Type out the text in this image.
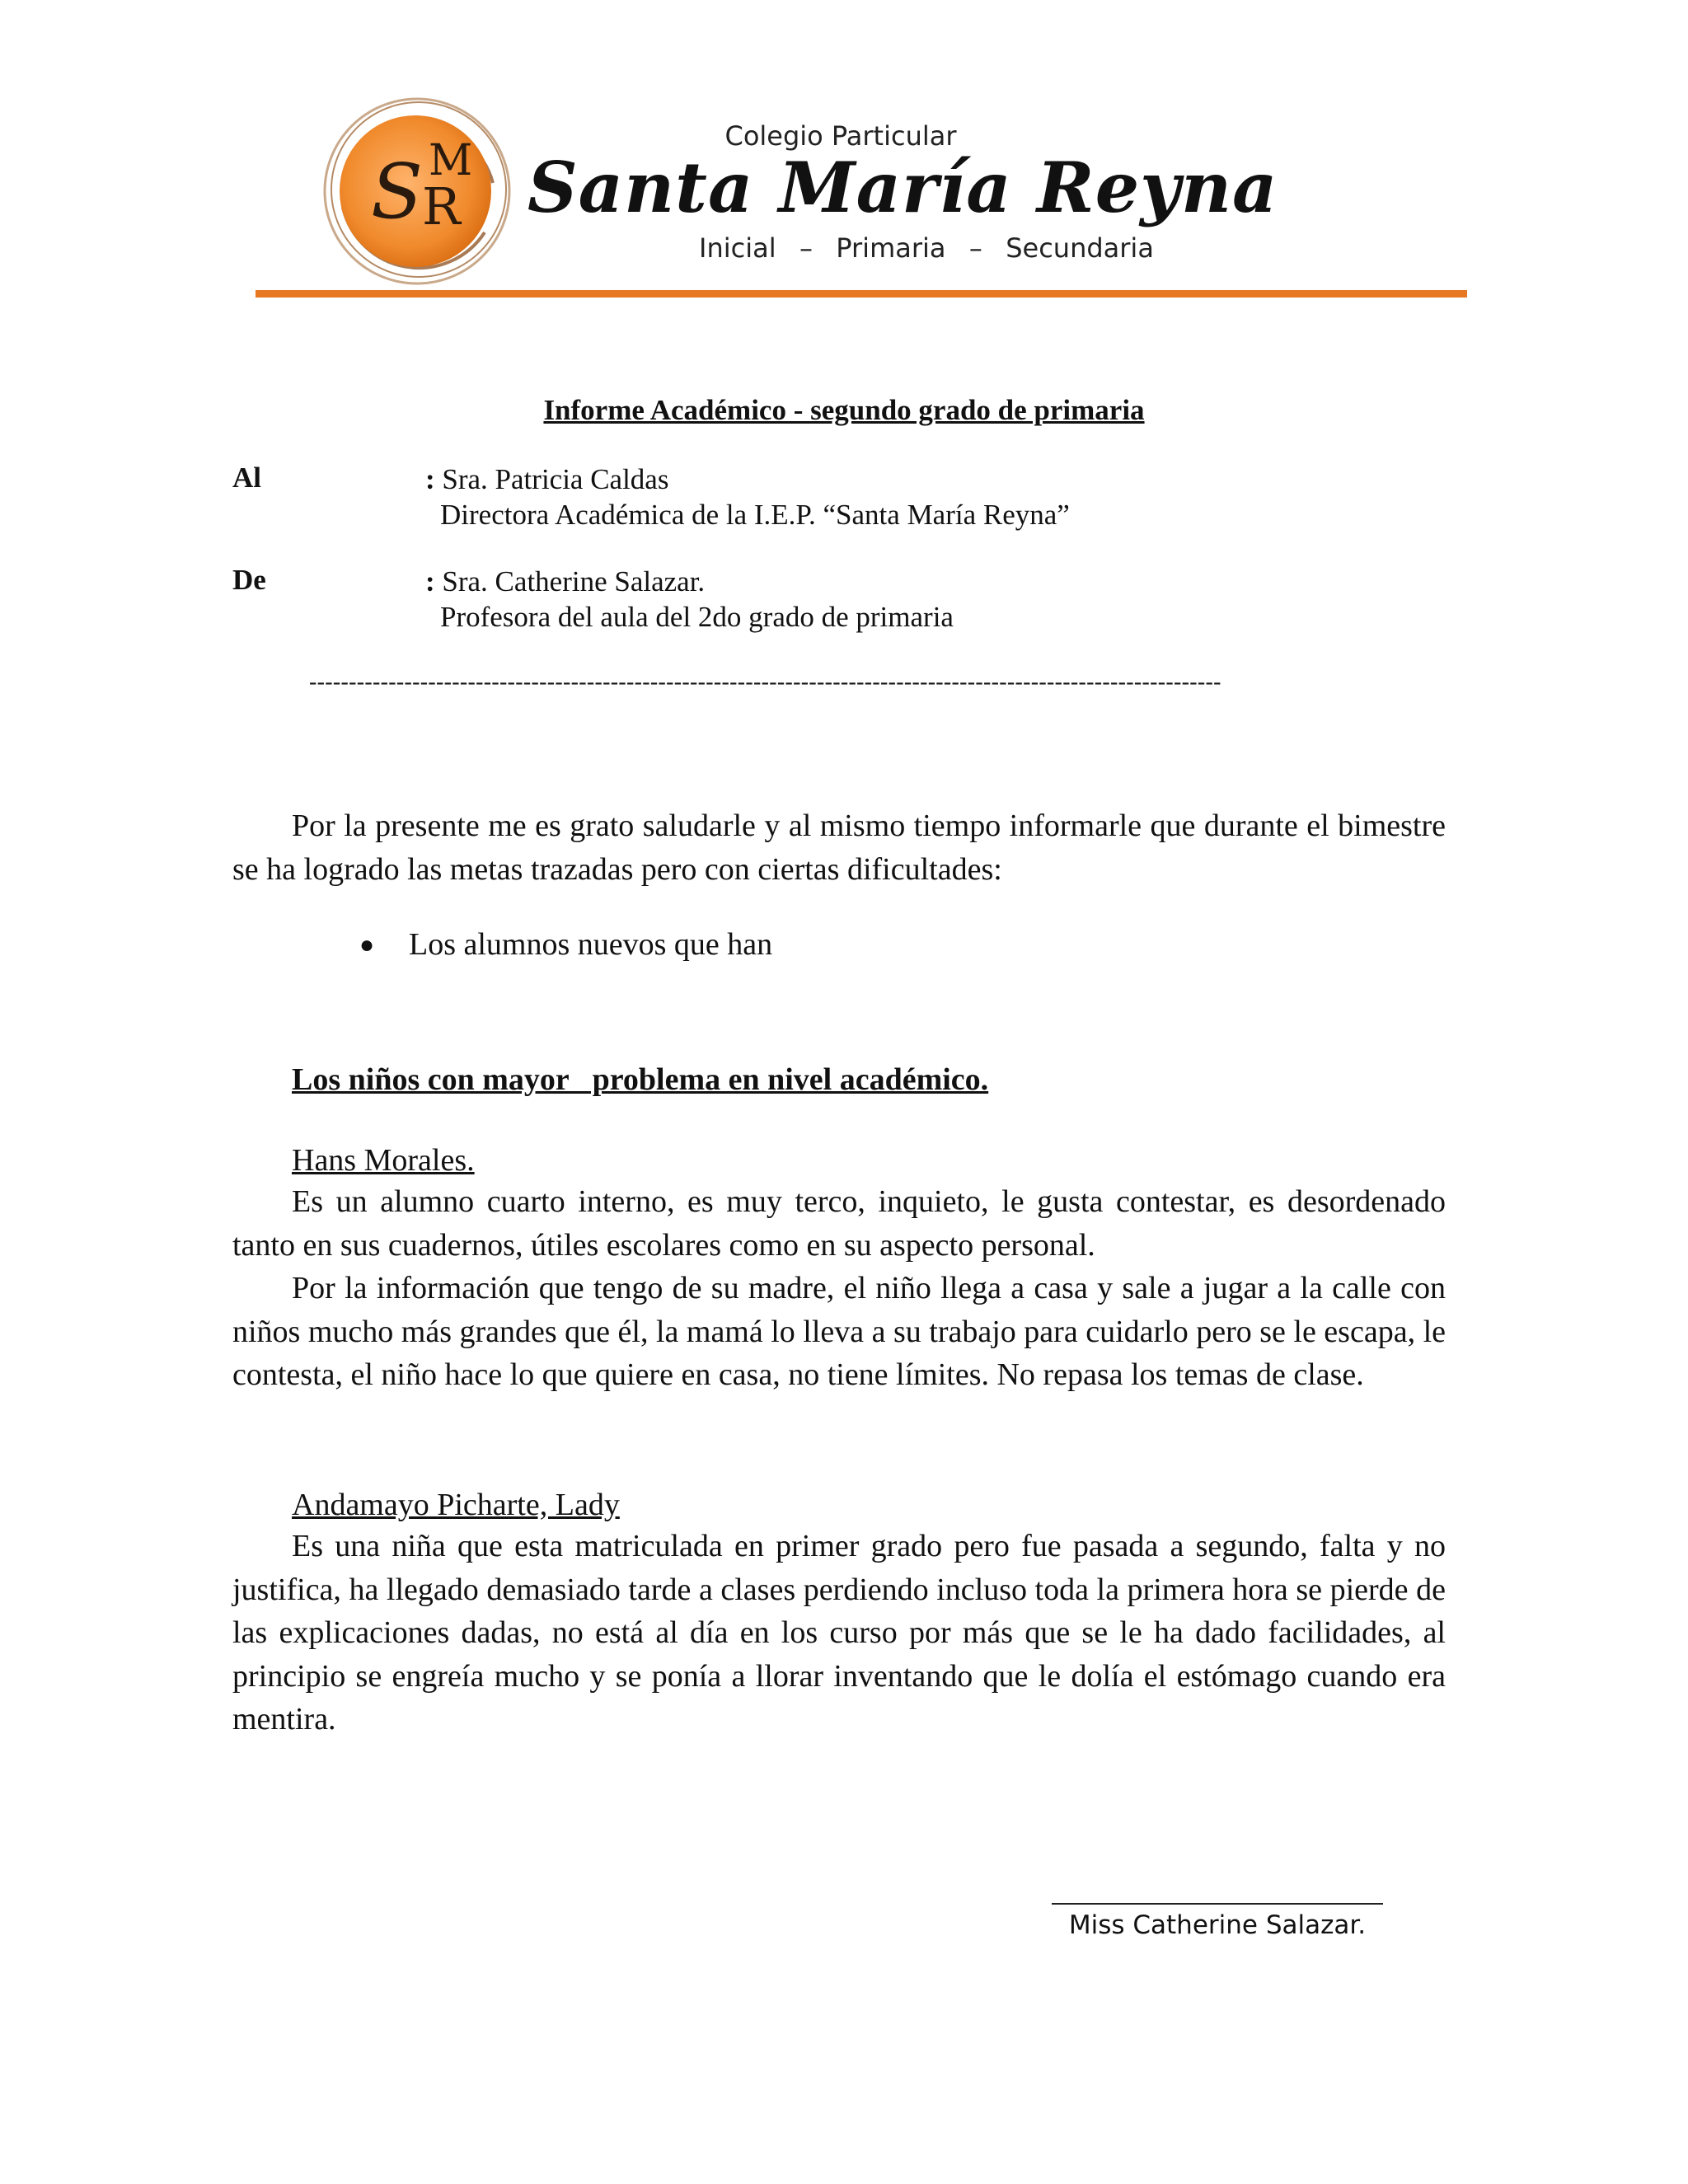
S M
R
Colegio Particular
Santa María Reyna
Inicial  –  Primaria  –  Secundaria
Informe Académico - segundo grado de primaria
Al	: Sra. Patricia Caldas
Directora Académica de la I.E.P. “Santa María Reyna”
De	: Sra. Catherine Salazar.
Profesora del aula del 2do grado de primaria
-------------------------------------------------------------------------------------------------------------------
Por la presente me es grato saludarle y al mismo tiempo informarle que durante el bimestre se ha logrado las metas trazadas pero con ciertas dificultades:
● Los alumnos nuevos que han
Los niños con mayor   problema en nivel académico.
Hans Morales.
Es un alumno cuarto interno, es muy terco, inquieto, le gusta contestar, es desordenado tanto en sus cuadernos, útiles escolares como en su aspecto personal.
Por la información que tengo de su madre, el niño llega a casa y sale a jugar a la calle con niños mucho más grandes que él, la mamá lo lleva a su trabajo para cuidarlo pero se le escapa, le contesta, el niño hace lo que quiere en casa, no tiene límites. No repasa los temas de clase.
Andamayo Picharte, Lady
Es una niña que esta matriculada en primer grado pero fue pasada a segundo, falta y no justifica, ha llegado demasiado tarde a clases perdiendo incluso toda la primera hora se pierde de las explicaciones dadas, no está al día en los curso por más que se le ha dado facilidades, al principio se engreía mucho y se ponía a llorar inventando que le dolía el estómago cuando era mentira.
Miss Catherine Salazar.
